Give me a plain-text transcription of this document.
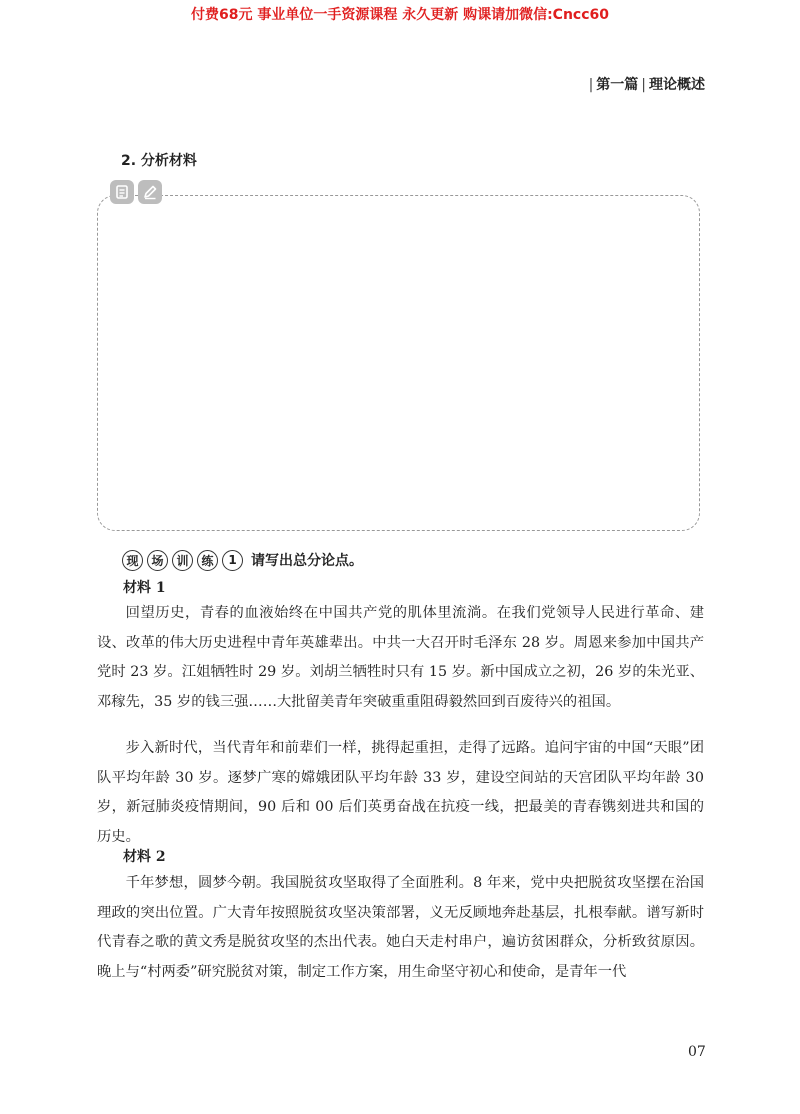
付费68元 事业单位一手资源课程 永久更新 购课请加微信:Cncc60
| 第一篇 | 理论概述
2. 分析材料
现	场	训	练	1	请写出总分论点。
材料 1

回望历史，青春的血液始终在中国共产党的肌体里流淌。在我们党领导人民进行革命、建设、改革的伟大历史进程中青年英雄辈出。中共一大召开时毛泽东 28 岁。周恩来参加中国共产党时 23 岁。江姐牺牲时 29 岁。刘胡兰牺牲时只有 15 岁。新中国成立之初，26 岁的朱光亚、邓稼先，35 岁的钱三强……大批留美青年突破重重阻碍毅然回到百废待兴的祖国。

步入新时代，当代青年和前辈们一样，挑得起重担，走得了远路。追问宇宙的中国“天眼”团队平均年龄 30 岁。逐梦广寒的嫦娥团队平均年龄 33 岁，建设空间站的天宫团队平均年龄 30 岁，新冠肺炎疫情期间，90 后和 00 后们英勇奋战在抗疫一线，把最美的青春镌刻进共和国的历史。

材料 2

千年梦想，圆梦今朝。我国脱贫攻坚取得了全面胜利。8 年来，党中央把脱贫攻坚摆在治国理政的突出位置。广大青年按照脱贫攻坚决策部署，义无反顾地奔赴基层，扎根奉献。谱写新时代青春之歌的黄文秀是脱贫攻坚的杰出代表。她白天走村串户，遍访贫困群众，分析致贫原因。晚上与“村两委”研究脱贫对策，制定工作方案，用生命坚守初心和使命，是青年一代

07
